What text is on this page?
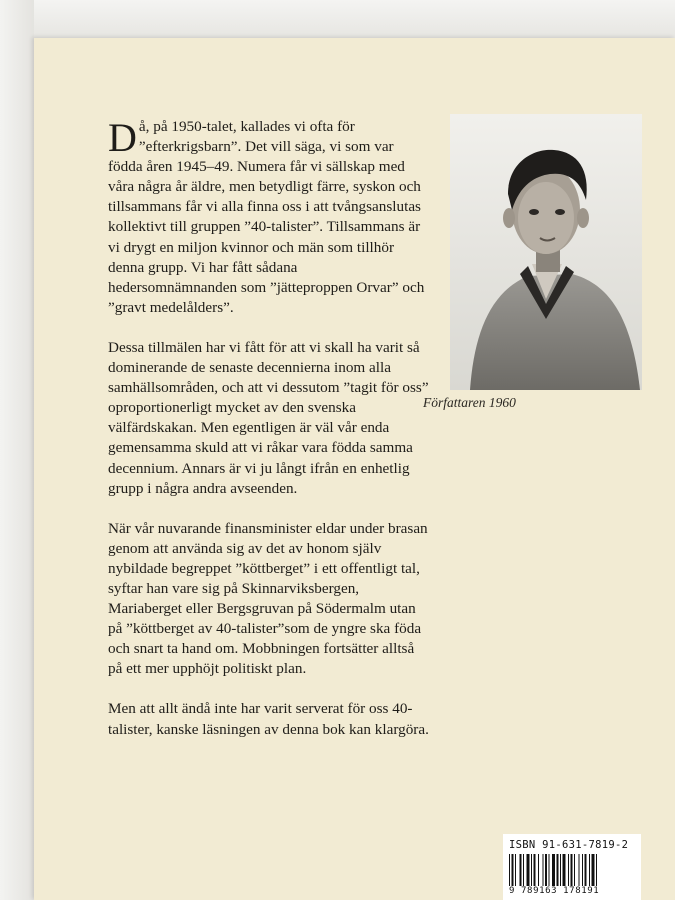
Då, på 1950-talet, kallades vi ofta för ”efterkrigsbarn”. Det vill säga, vi som var födda åren 1945–49. Numera får vi sällskap med våra några år äldre, men betydligt färre, syskon och tillsammans får vi alla finna oss i att tvångsanslutas kollektivt till gruppen ”40-talister”. Tillsammans är vi drygt en miljon kvinnor och män som tillhör denna grupp. Vi har fått sådana hedersomnämnanden som ”jätteproppen Orvar” och ”gravt medelålders”.

Dessa tillmälen har vi fått för att vi skall ha varit så dominerande de senaste decennierna inom alla samhällsområden, och att vi dessutom ”tagit för oss” oproportionerligt mycket av den svenska välfärdskakan. Men egentligen är väl vår enda gemensamma skuld att vi råkar vara födda samma decennium. Annars är vi ju långt ifrån en enhetlig grupp i några andra avseenden.

När vår nuvarande finansminister eldar under brasan genom att använda sig av det av honom själv nybildade begreppet ”köttberget” i ett offentligt tal, syftar han vare sig på Skinnarviksbergen, Mariaberget eller Bergsgruvan på Södermalm utan på ”köttberget av 40-talister”som de yngre ska föda och snart ta hand om. Mobbningen fortsätter alltså på ett mer upphöjt politiskt plan.

Men att allt ändå inte har varit serverat för oss 40-talister, kanske läsningen av denna bok kan klargöra.

Författaren 1960
ISBN 91-631-7819-2
9 789163 178191
